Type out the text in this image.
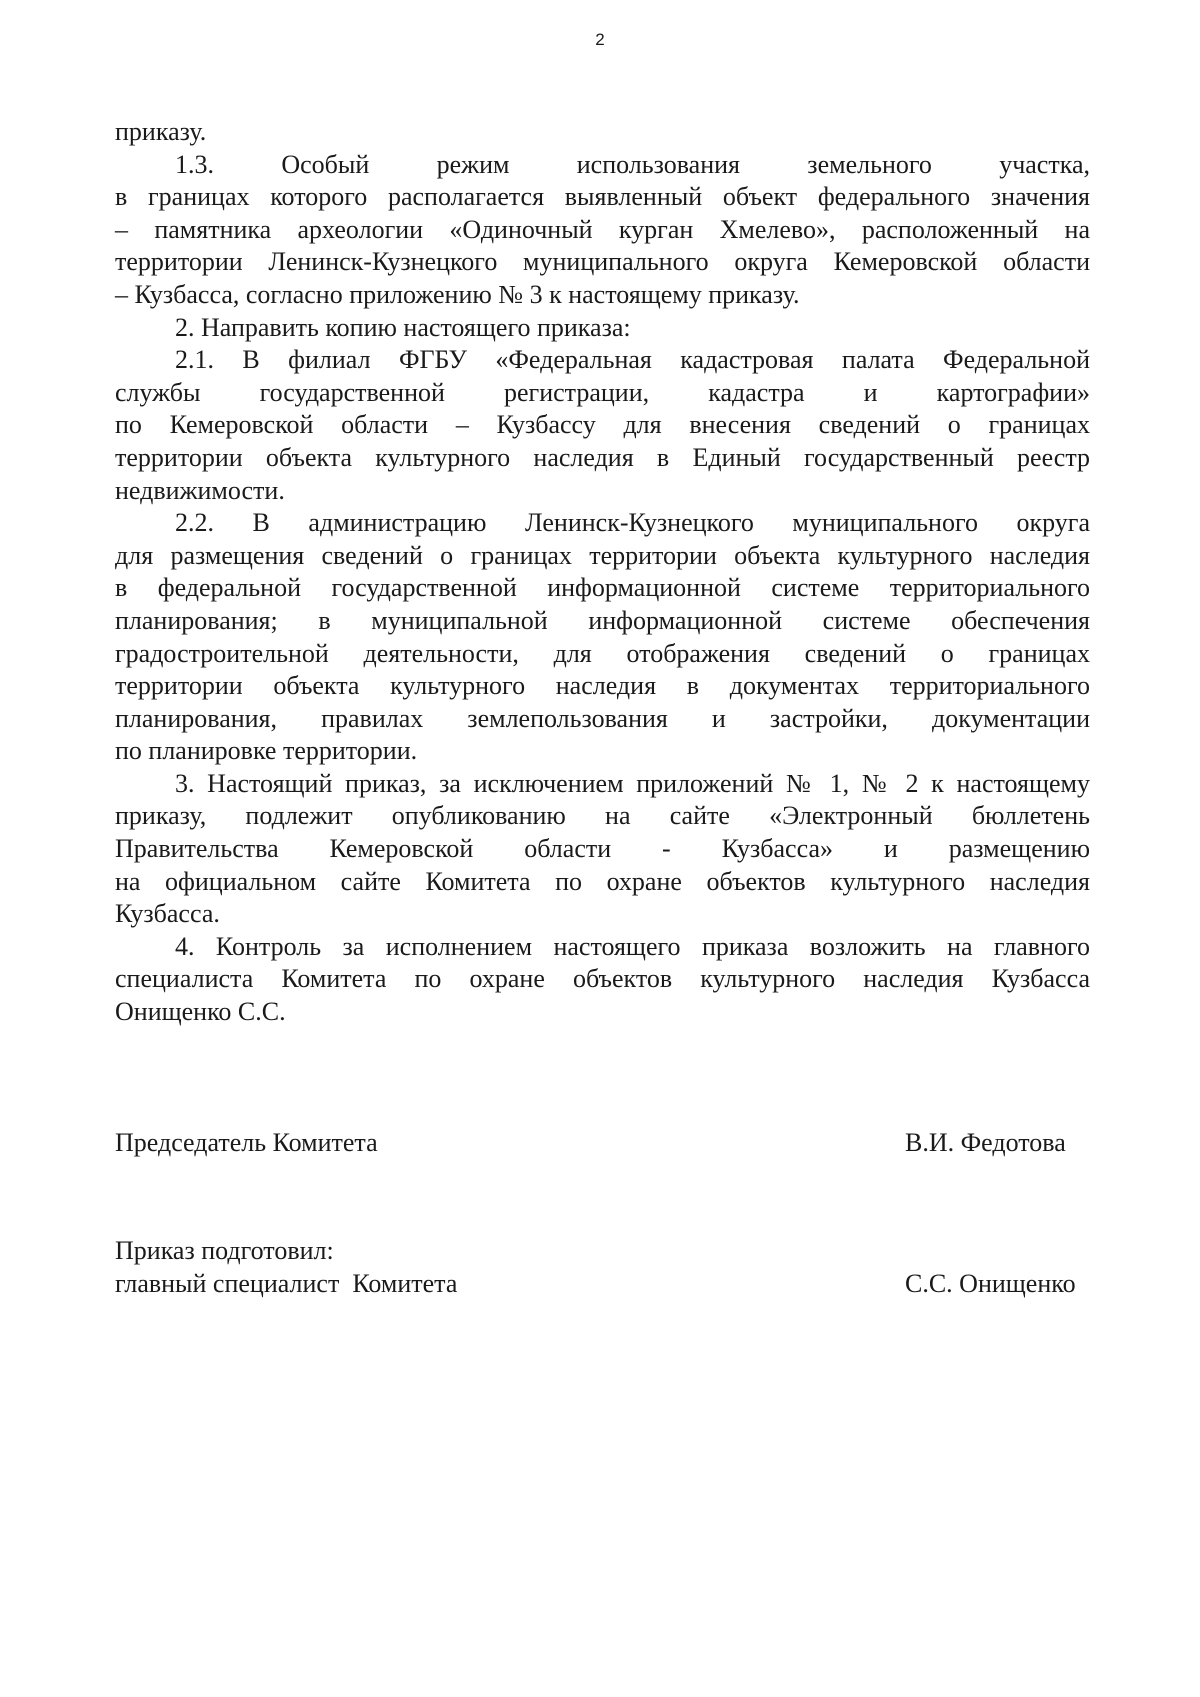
2
приказу.
1.3. Особый режим использования земельного участка,
в границах которого располагается выявленный объект федерального значения
– памятника археологии «Одиночный курган Хмелево», расположенный на
территории Ленинск-Кузнецкого муниципального округа Кемеровской области
– Кузбасса, согласно приложению № 3 к настоящему приказу.
2. Направить копию настоящего приказа:
2.1. В филиал ФГБУ «Федеральная кадастровая палата Федеральной
службы государственной регистрации, кадастра и картографии»
по Кемеровской области – Кузбассу для внесения сведений о границах
территории объекта культурного наследия в Единый государственный реестр
недвижимости.
2.2. В администрацию Ленинск-Кузнецкого муниципального округа
для размещения сведений о границах территории объекта культурного наследия
в федеральной государственной информационной системе территориального
планирования; в муниципальной информационной системе обеспечения
градостроительной деятельности, для отображения сведений о границах
территории объекта культурного наследия в документах территориального
планирования, правилах землепользования и застройки, документации
по планировке территории.
3. Настоящий приказ, за исключением приложений № 1, № 2 к настоящему
приказу, подлежит опубликованию на сайте «Электронный бюллетень
Правительства Кемеровской области - Кузбасса» и размещению
на официальном сайте Комитета по охране объектов культурного наследия
Кузбасса.
4. Контроль за исполнением настоящего приказа возложить на главного
специалиста Комитета по охране объектов культурного наследия Кузбасса
Онищенко С.С.
Председатель Комитета	В.И. Федотова
Приказ подготовил:
главный специалист  Комитета	С.С. Онищенко
